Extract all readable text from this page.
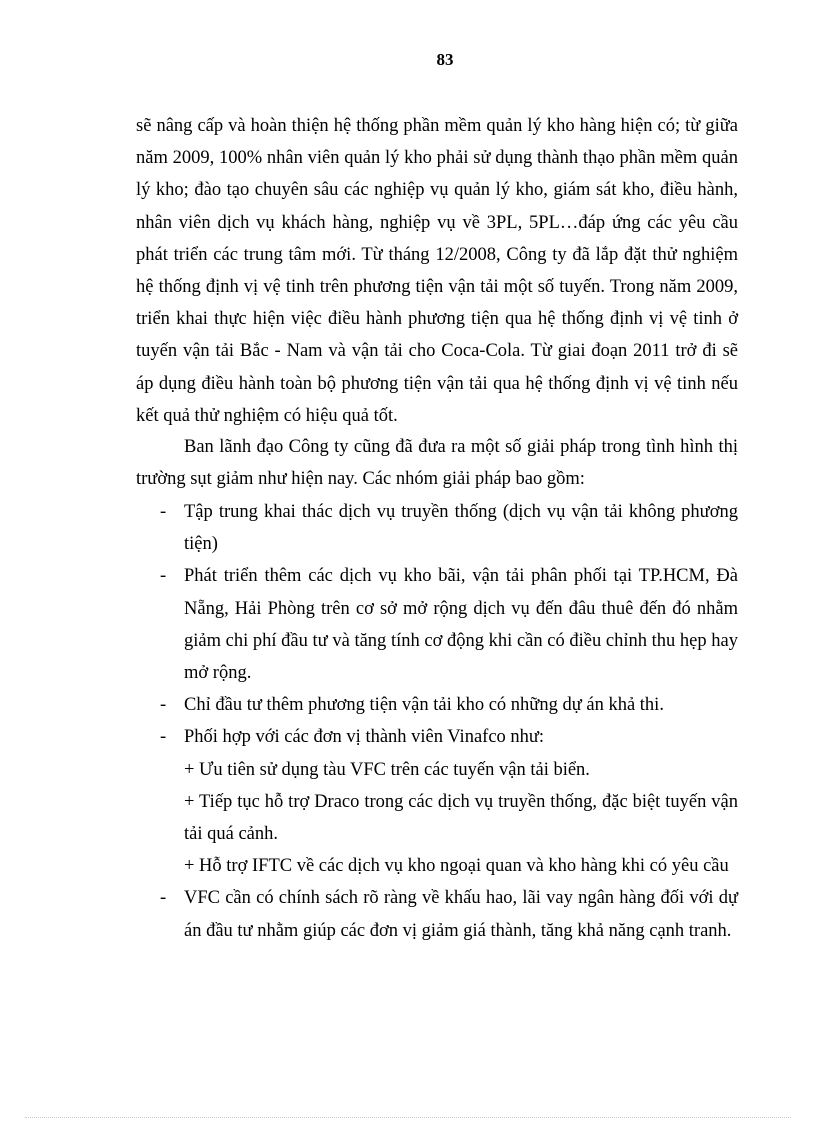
83
sẽ nâng cấp và hoàn thiện hệ thống phần mềm quản lý kho hàng hiện có; từ giữa năm 2009, 100% nhân viên quản lý kho phải sử dụng thành thạo phần mềm quản lý kho; đào tạo chuyên sâu các nghiệp vụ quản lý kho, giám sát kho, điều hành, nhân viên dịch vụ khách hàng, nghiệp vụ về 3PL, 5PL…đáp ứng các yêu cầu phát triển các trung tâm mới. Từ tháng 12/2008, Công ty đã lắp đặt thử nghiệm hệ thống định vị vệ tinh trên phương tiện vận tải một số tuyến. Trong năm 2009, triển khai thực hiện việc điều hành phương tiện qua hệ thống định vị vệ tinh ở tuyến vận tải Bắc - Nam và vận tải cho Coca-Cola. Từ giai đoạn 2011 trở đi sẽ áp dụng điều hành toàn bộ phương tiện vận tải qua hệ thống định vị vệ tinh nếu kết quả thử nghiệm có hiệu quả tốt.
Ban lãnh đạo Công ty cũng đã đưa ra một số giải pháp trong tình hình thị trường sụt giảm như hiện nay. Các nhóm giải pháp bao gồm:
- Tập trung khai thác dịch vụ truyền thống (dịch vụ vận tải không phương tiện)
- Phát triển thêm các dịch vụ kho bãi, vận tải phân phối tại TP.HCM, Đà Nẵng, Hải Phòng trên cơ sở mở rộng dịch vụ đến đâu thuê đến đó nhằm giảm chi phí đầu tư và tăng tính cơ động khi cần có điều chỉnh thu hẹp hay mở rộng.
- Chỉ đầu tư thêm phương tiện vận tải kho có những dự án khả thi.
- Phối hợp với các đơn vị thành viên Vinafco như:
+ Ưu tiên sử dụng tàu VFC trên các tuyến vận tải biển.
+ Tiếp tục hỗ trợ Draco trong các dịch vụ truyền thống, đặc biệt tuyến vận tải quá cảnh.
+ Hỗ trợ IFTC về các dịch vụ kho ngoại quan và kho hàng khi có yêu cầu
- VFC cần có chính sách rõ ràng về khấu hao, lãi vay ngân hàng đối với dự án đầu tư nhằm giúp các đơn vị giảm giá thành, tăng khả năng cạnh tranh.
